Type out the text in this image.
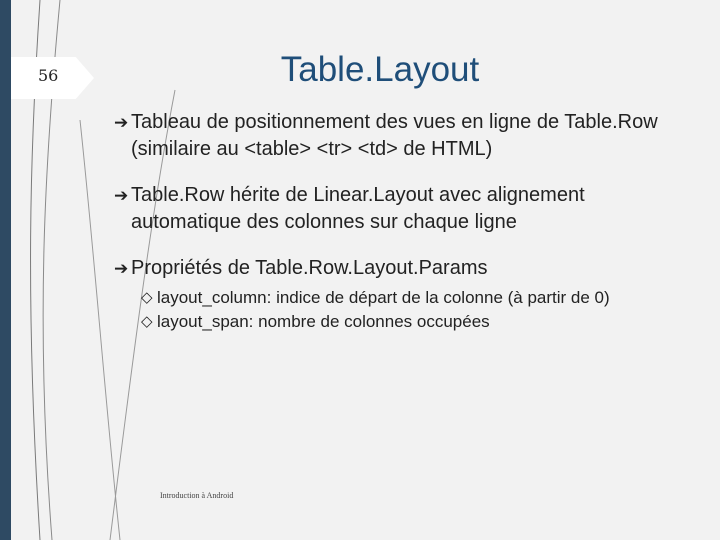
56	Table.Layout
➔ Tableau de positionnement des vues en ligne de Table.Row (similaire au <table> <tr> <td> de HTML)
➔ Table.Row hérite de Linear.Layout avec alignement automatique des colonnes sur chaque ligne
➔ Propriétés de Table.Row.Layout.Params
◇ layout_column: indice de départ de la colonne (à partir de 0)
◇ layout_span: nombre de colonnes occupées
Introduction à Android
